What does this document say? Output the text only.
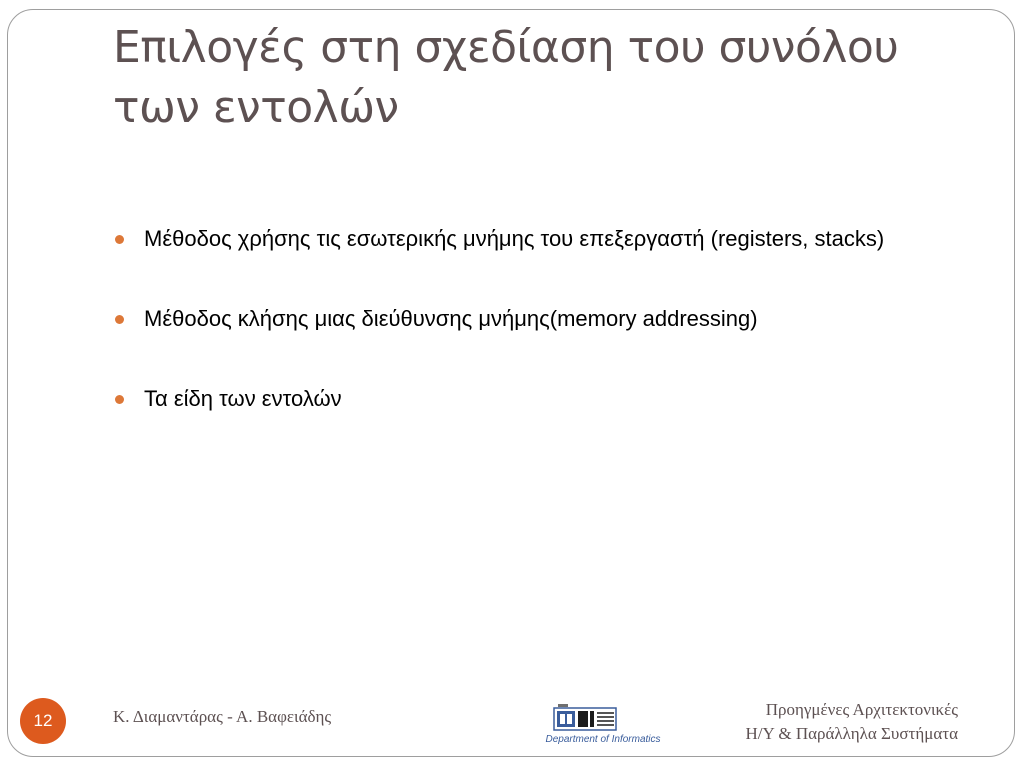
Επιλογές στη σχεδίαση του συνόλου των εντολών
Μέθοδος χρήσης τις εσωτερικής μνήμης του επεξεργαστή (registers, stacks)
Μέθοδος κλήσης μιας διεύθυνσης μνήμης(memory addressing)
Τα είδη των εντολών
12	Κ. Διαμαντάρας - Α. Βαφειάδης
Department of Informatics
Προηγμένες Αρχιτεκτονικές
Η/Υ & Παράλληλα Συστήματα
